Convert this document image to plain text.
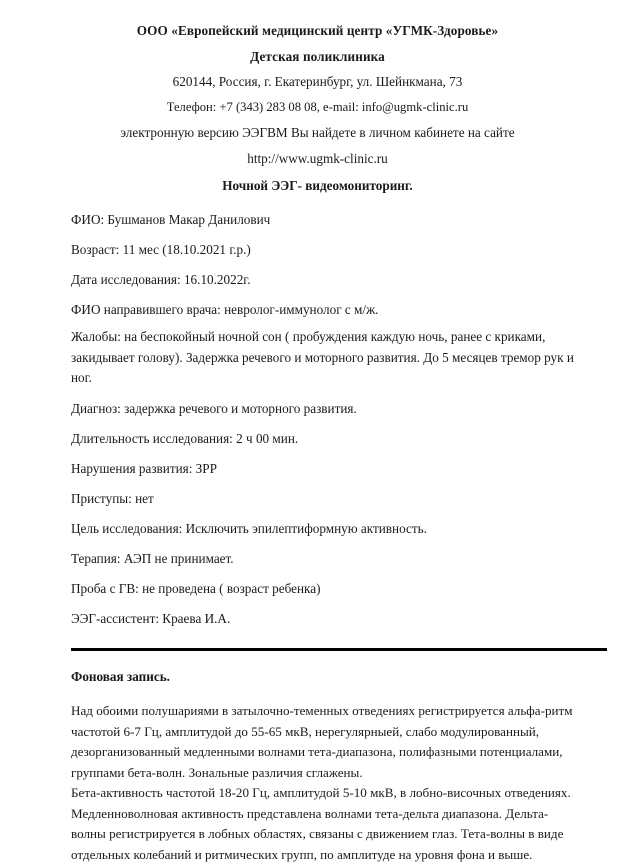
ООО «Европейский медицинский центр «УГМК-Здоровье»
Детская поликлиника
620144, Россия, г. Екатеринбург, ул. Шейнкмана, 73
Телефон: +7 (343) 283 08 08, e-mail: info@ugmk-clinic.ru
электронную версию ЭЭГВМ Вы найдете в личном кабинете на сайте
http://www.ugmk-clinic.ru
Ночной ЭЭГ- видеомониторинг.

ФИО: Бушманов Макар Данилович

Возраст: 11 мес (18.10.2021 г.р.)

Дата исследования: 16.10.2022г.

ФИО направившего врача: невролог-иммунолог с м/ж.

Жалобы: на беспокойный ночной сон ( пробуждения каждую ночь, ранее с криками, закидывает голову). Задержка речевого и моторного развития. До 5 месяцев тремор рук и ног.

Диагноз: задержка речевого и моторного развития.

Длительность исследования: 2 ч 00 мин.

Нарушения развития: ЗРР

Приступы: нет

Цель исследования: Исключить эпилептиформную активность.

Терапия: АЭП не принимает.

Проба с ГВ: не проведена ( возраст ребенка)

ЭЭГ-ассистент: Краева И.А.

Фоновая запись.

Над обоими полушариями в затылочно-теменных отведениях регистрируется альфа-ритм частотой 6-7 Гц, амплитудой до 55-65 мкВ, нерегулярныей, слабо модулированный, дезорганизованный медленными волнами тета-диапазона, полифазными потенциалами, группами бета-волн. Зональные различия сглажены.

Бета-активность частотой 18-20 Гц, амплитудой 5-10 мкВ, в лобно-височных отведениях. Медленноволновая активность представлена волнами тета-дельта диапазона. Дельта-волны регистрируется в лобных областях, связаны с движением глаз. Тета-волны в виде отдельных колебаний и ритмических групп, по амплитуде на уровня фона и выше.
